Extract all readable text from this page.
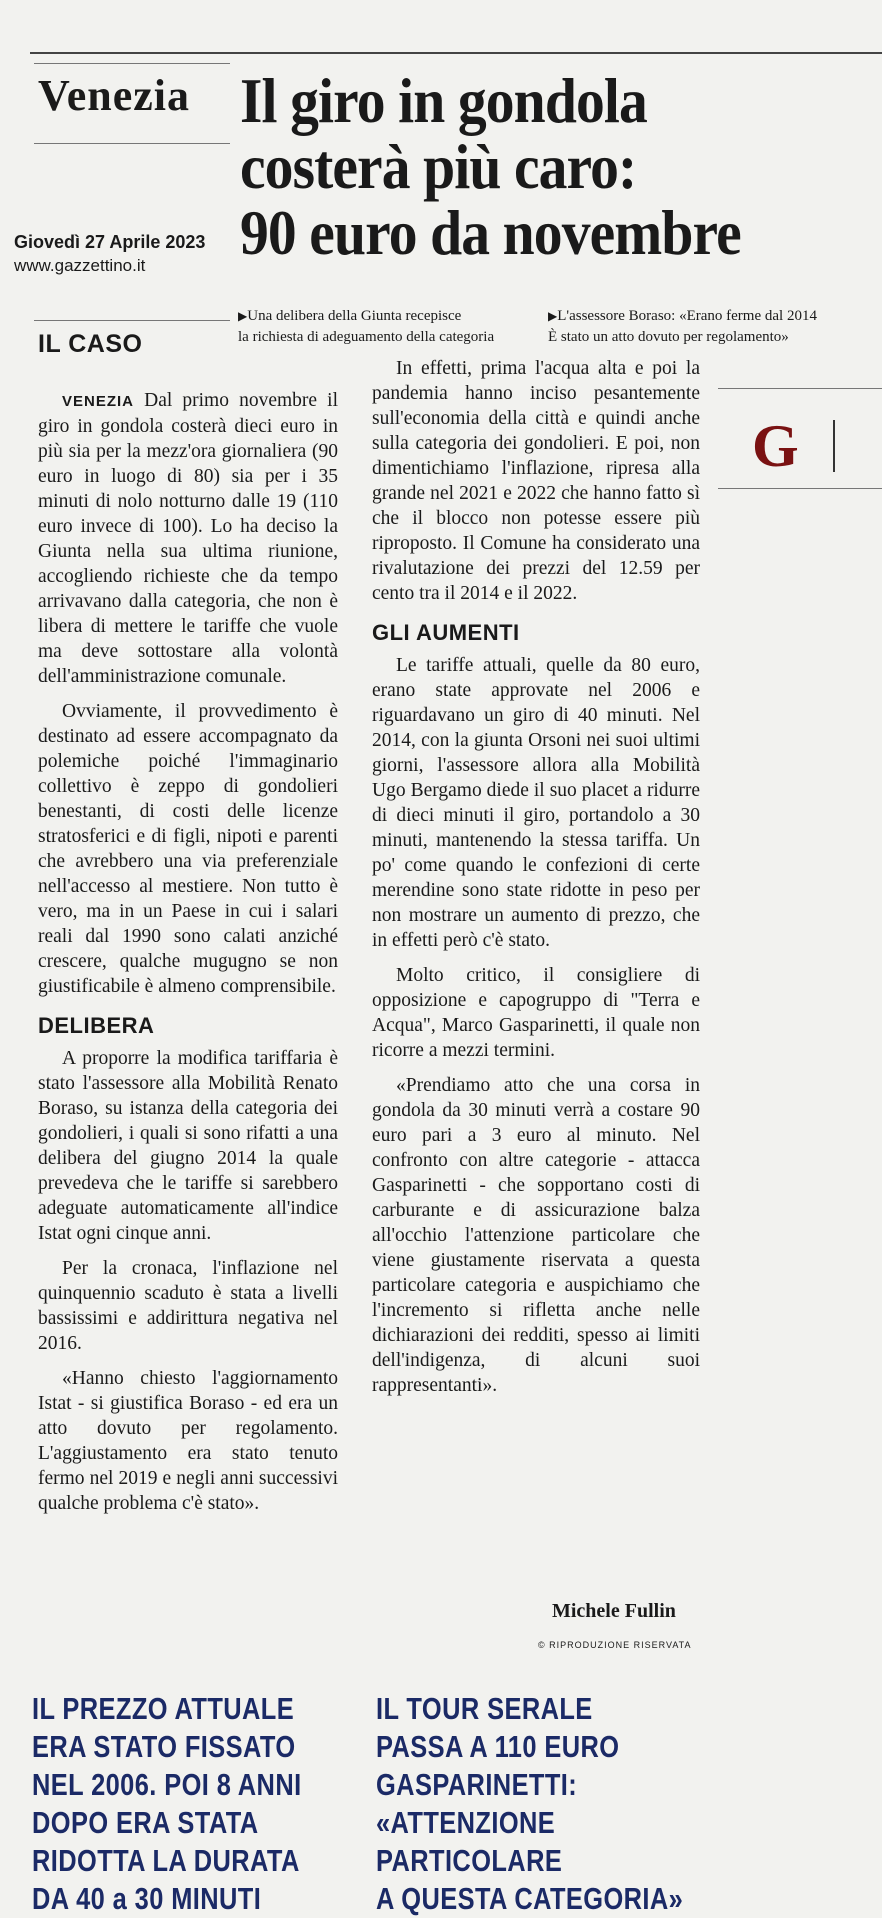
Venezia Il giro in gondola
costerà più caro:
90 euro da novembre
Giovedì 27 Aprile 2023
www.gazzettino.it
▶Una delibera della Giunta recepisce
la richiesta di adeguamento della categoria
▶L'assessore Boraso: «Erano ferme dal 2014
È stato un atto dovuto per regolamento»
IL CASO

VENEZIA Dal primo novembre il giro in gondola costerà dieci euro in più sia per la mezz'ora giornaliera (90 euro in luogo di 80) sia per i 35 minuti di nolo notturno dalle 19 (110 euro invece di 100). Lo ha deciso la Giunta nella sua ultima riunione, accogliendo richieste che da tempo arrivavano dalla categoria, che non è libera di mettere le tariffe che vuole ma deve sottostare alla volontà dell'amministrazione comunale.

Ovviamente, il provvedimento è destinato ad essere accompagnato da polemiche poiché l'immaginario collettivo è zeppo di gondolieri benestanti, di costi delle licenze stratosferici e di figli, nipoti e parenti che avrebbero una via preferenziale nell'accesso al mestiere. Non tutto è vero, ma in un Paese in cui i salari reali dal 1990 sono calati anziché crescere, qualche mugugno se non giustificabile è almeno comprensibile.

DELIBERA

A proporre la modifica tariffaria è stato l'assessore alla Mobilità Renato Boraso, su istanza della categoria dei gondolieri, i quali si sono rifatti a una delibera del giugno 2014 la quale prevedeva che le tariffe si sarebbero adeguate automaticamente all'indice Istat ogni cinque anni.

Per la cronaca, l'inflazione nel quinquennio scaduto è stata a livelli bassissimi e addirittura negativa nel 2016.

«Hanno chiesto l'aggiornamento Istat - si giustifica Boraso - ed era un atto dovuto per regolamento. L'aggiustamento era stato tenuto fermo nel 2019 e negli anni successivi qualche problema c'è stato».

In effetti, prima l'acqua alta e poi la pandemia hanno inciso pesantemente sull'economia della città e quindi anche sulla categoria dei gondolieri. E poi, non dimentichiamo l'inflazione, ripresa alla grande nel 2021 e 2022 che hanno fatto sì che il blocco non potesse essere più riproposto. Il Comune ha considerato una rivalutazione dei prezzi del 12.59 per cento tra il 2014 e il 2022.

GLI AUMENTI

Le tariffe attuali, quelle da 80 euro, erano state approvate nel 2006 e riguardavano un giro di 40 minuti. Nel 2014, con la giunta Orsoni nei suoi ultimi giorni, l'assessore allora alla Mobilità Ugo Bergamo diede il suo placet a ridurre di dieci minuti il giro, portandolo a 30 minuti, mantenendo la stessa tariffa. Un po' come quando le confezioni di certe merendine sono state ridotte in peso per non mostrare un aumento di prezzo, che in effetti però c'è stato.

Molto critico, il consigliere di opposizione e capogruppo di "Terra e Acqua", Marco Gasparinetti, il quale non ricorre a mezzi termini.

«Prendiamo atto che una corsa in gondola da 30 minuti verrà a costare 90 euro pari a 3 euro al minuto. Nel confronto con altre categorie - attacca Gasparinetti - che sopportano costi di carburante e di assicurazione balza all'occhio l'attenzione particolare che viene giustamente riservata a questa particolare categoria e auspichiamo che l'incremento si rifletta anche nelle dichiarazioni dei redditi, spesso ai limiti dell'indigenza, di alcuni suoi rappresentanti».

G
Michele Fullin
© RIPRODUZIONE RISERVATA
IL PREZZO ATTUALE
ERA STATO FISSATO
NEL 2006. POI 8 ANNI
DOPO ERA STATA
RIDOTTA LA DURATA
DA 40 a 30 MINUTI
IL TOUR SERALE
PASSA A 110 EURO
GASPARINETTI:
«ATTENZIONE
PARTICOLARE
A QUESTA CATEGORIA»
